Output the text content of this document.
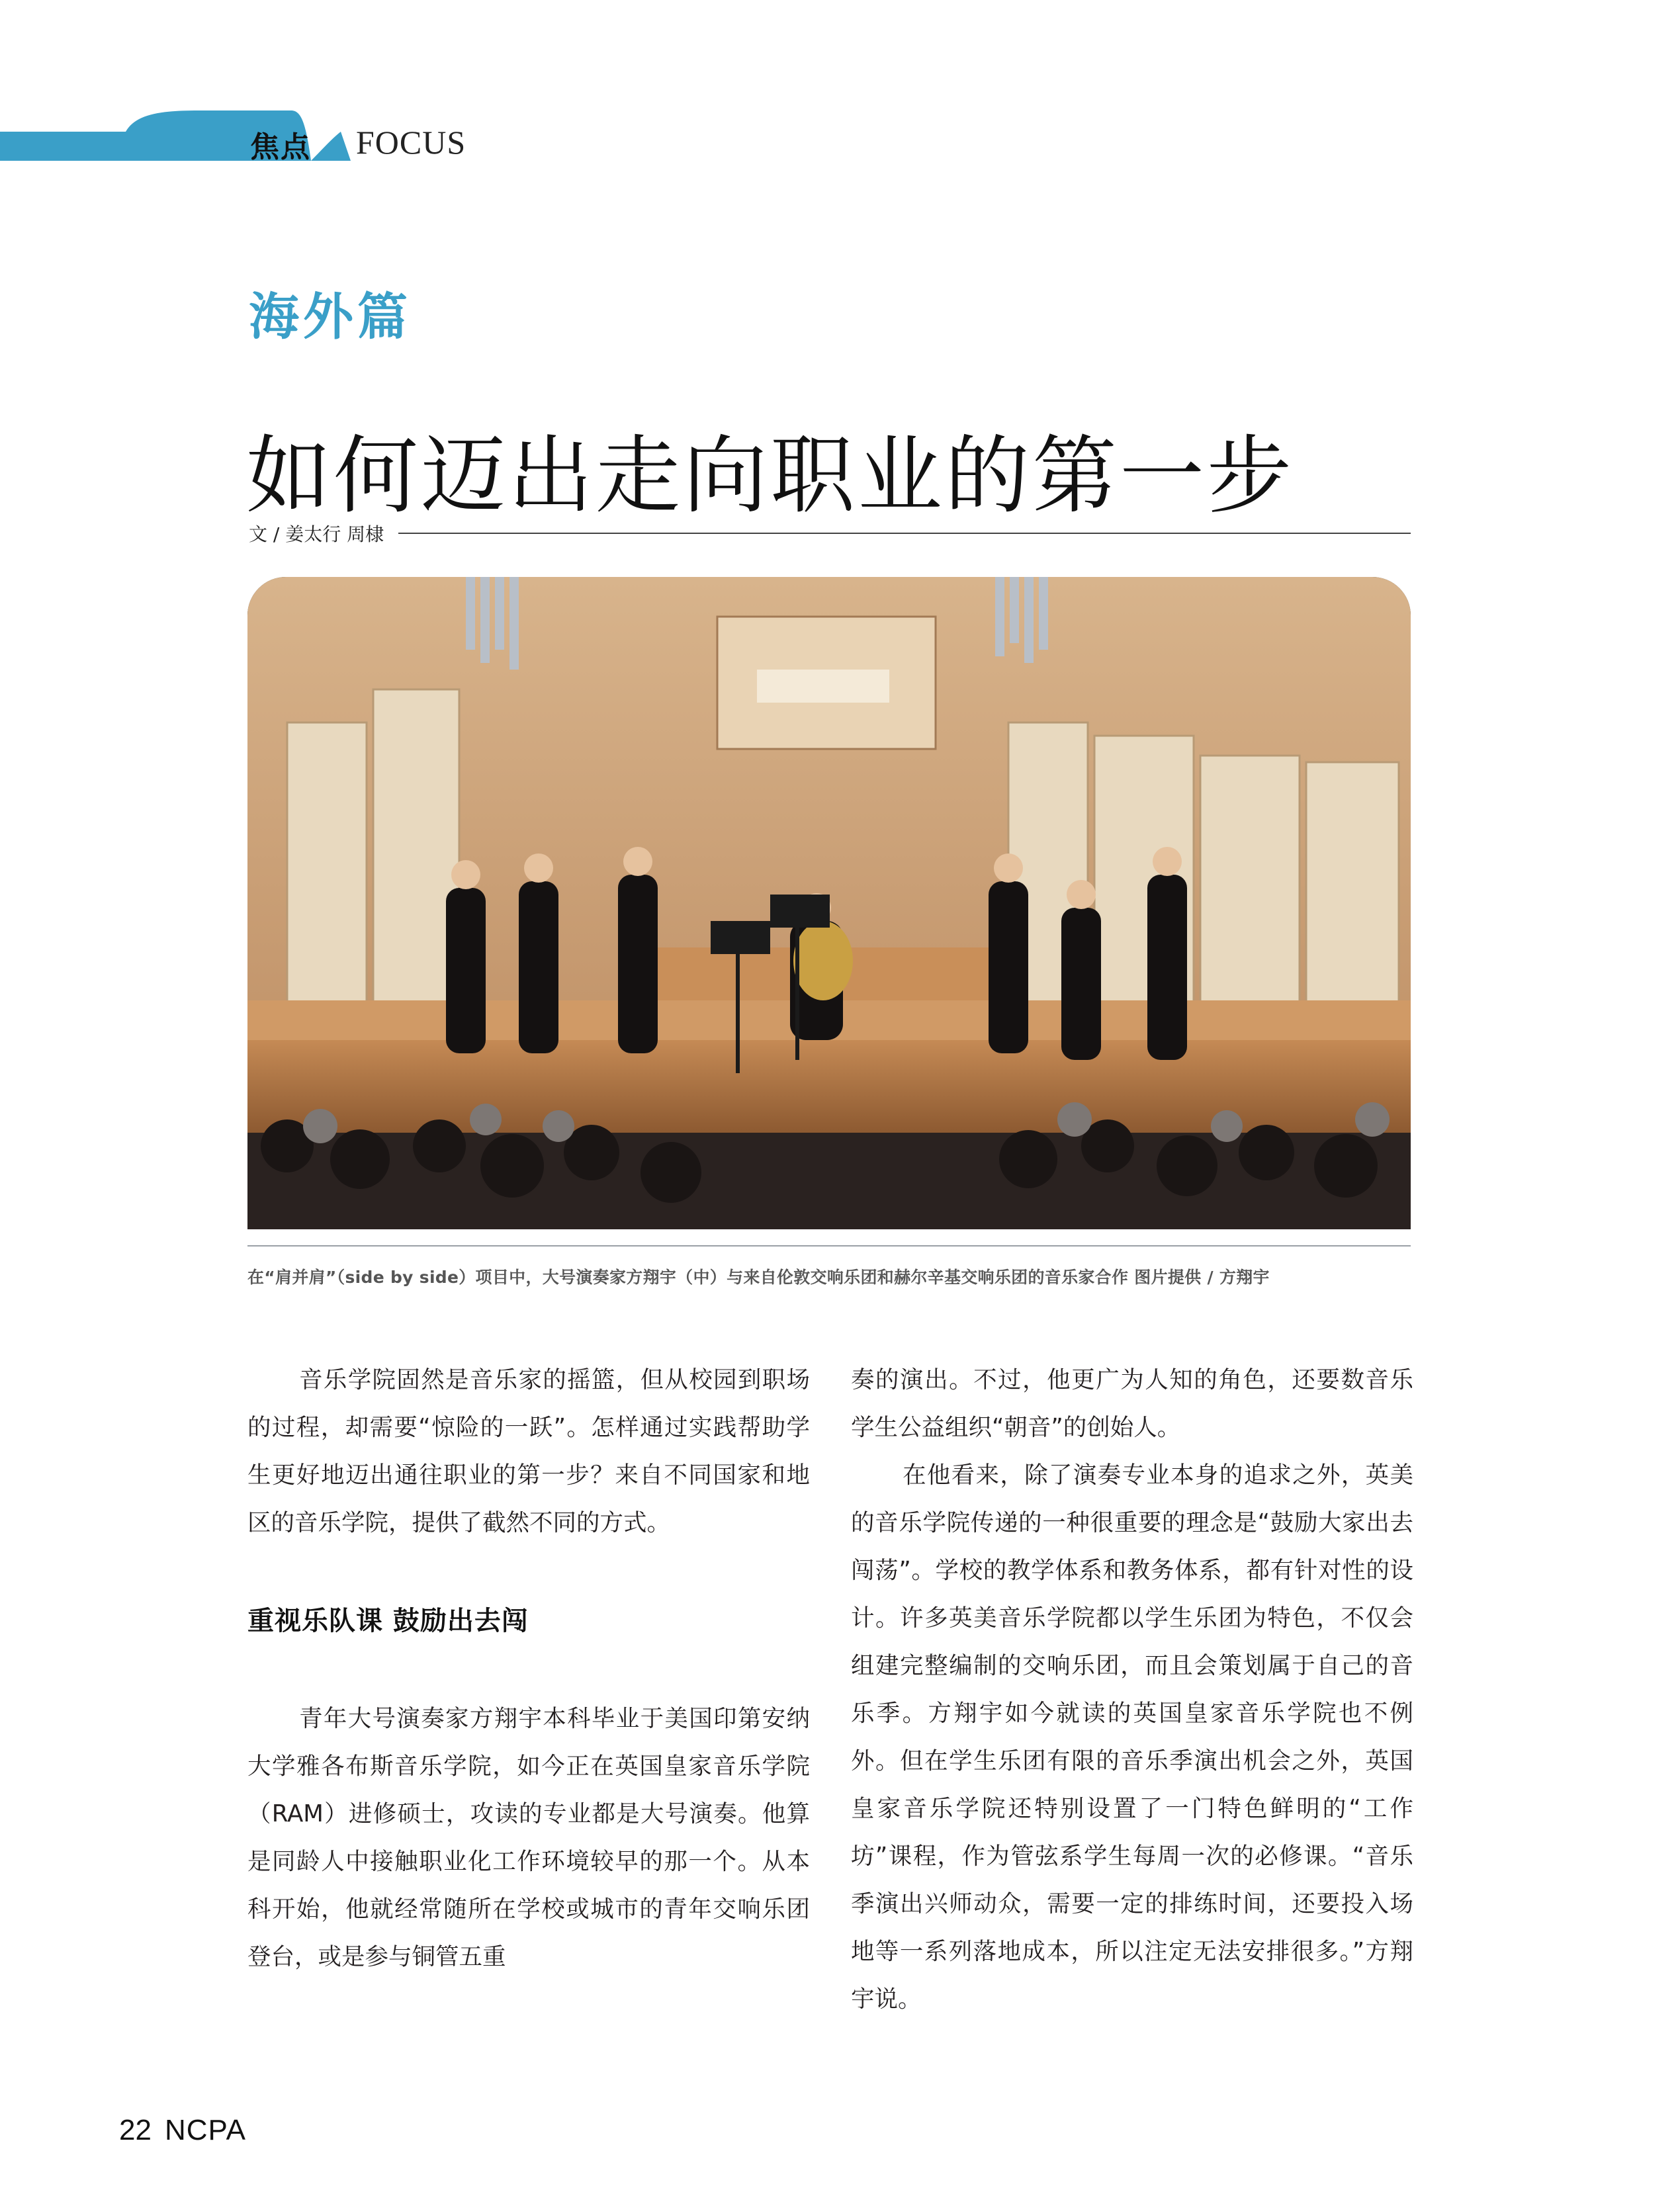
焦点 FOCUS
海外篇
如何迈出走向职业的第一步
文 / 姜太行 周棣
在“肩并肩”（side by side）项目中，大号演奏家方翔宇（中）与来自伦敦交响乐团和赫尔辛基交响乐团的音乐家合作 图片提供 / 方翔宇

音乐学院固然是音乐家的摇篮，但从校园到职场的过程，却需要“惊险的一跃”。怎样通过实践帮助学生更好地迈出通往职业的第一步？来自不同国家和地区的音乐学院，提供了截然不同的方式。

重视乐队课 鼓励出去闯

青年大号演奏家方翔宇本科毕业于美国印第安纳大学雅各布斯音乐学院，如今正在英国皇家音乐学院（RAM）进修硕士，攻读的专业都是大号演奏。他算是同龄人中接触职业化工作环境较早的那一个。从本科开始，他就经常随所在学校或城市的青年交响乐团登台，或是参与铜管五重

奏的演出。不过，他更广为人知的角色，还要数音乐学生公益组织“朝音”的创始人。

在他看来，除了演奏专业本身的追求之外，英美的音乐学院传递的一种很重要的理念是“鼓励大家出去闯荡”。学校的教学体系和教务体系，都有针对性的设计。许多英美音乐学院都以学生乐团为特色，不仅会组建完整编制的交响乐团，而且会策划属于自己的音乐季。方翔宇如今就读的英国皇家音乐学院也不例外。但在学生乐团有限的音乐季演出机会之外，英国皇家音乐学院还特别设置了一门特色鲜明的“工作坊”课程，作为管弦系学生每周一次的必修课。“音乐季演出兴师动众，需要一定的排练时间，还要投入场地等一系列落地成本，所以注定无法安排很多。”方翔宇说。

22 NCPA
